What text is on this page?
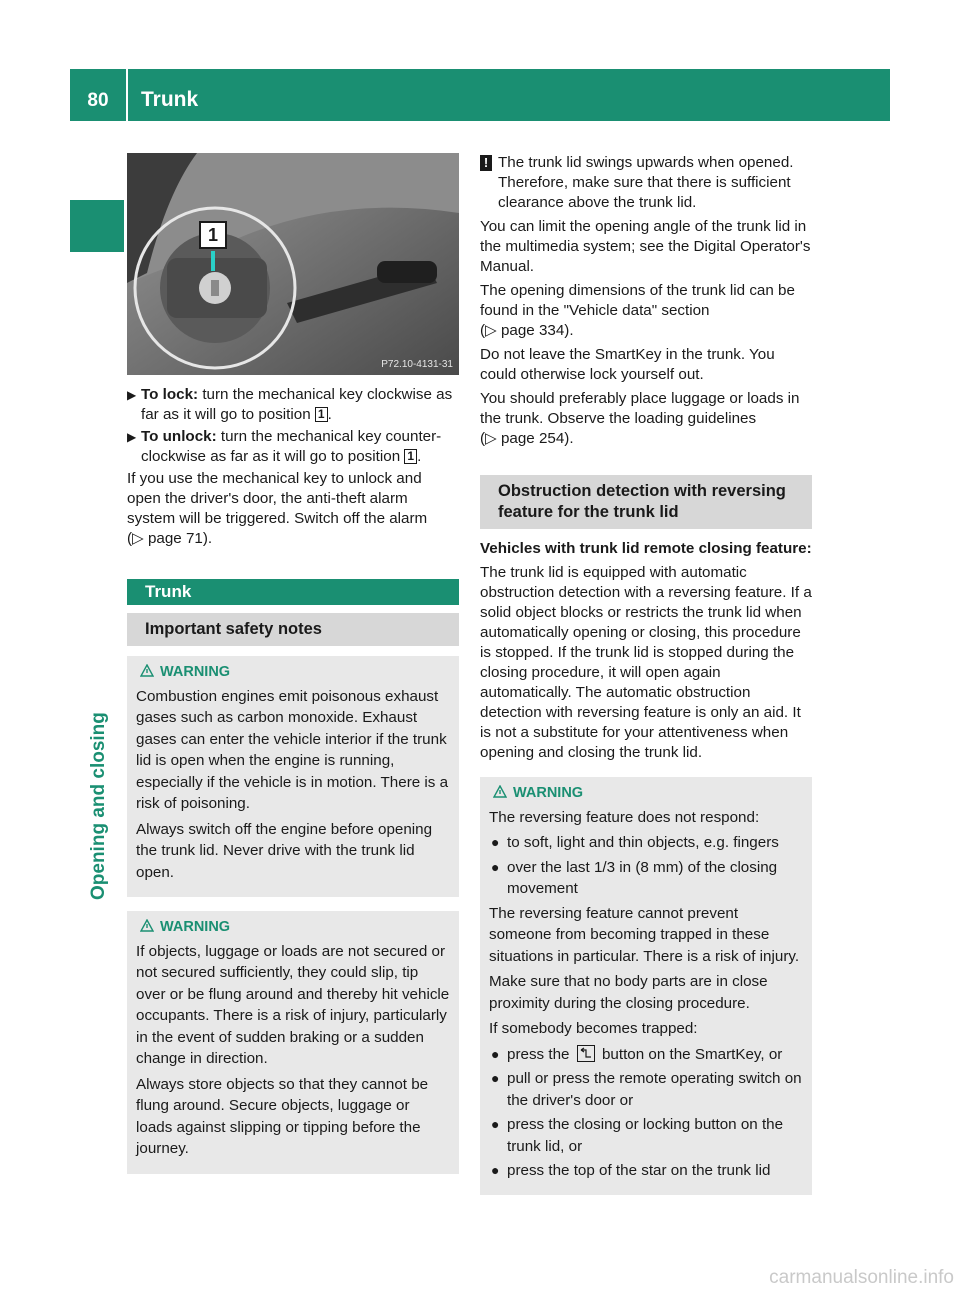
80	Trunk
Opening and closing
1
P72.10-4131-31
▶ To lock: turn the mechanical key clockwise as far as it will go to position 1 .
▶ To unlock: turn the mechanical key counter-clockwise as far as it will go to position 1 .

If you use the mechanical key to unlock and open the driver's door, the anti-theft alarm system will be triggered. Switch off the alarm
(▷ page 71).

Trunk
Important safety notes
WARNING

Combustion engines emit poisonous exhaust gases such as carbon monoxide. Exhaust gases can enter the vehicle interior if the trunk lid is open when the engine is running, especially if the vehicle is in motion. There is a risk of poisoning.

Always switch off the engine before opening the trunk lid. Never drive with the trunk lid open.

WARNING

If objects, luggage or loads are not secured or not secured sufficiently, they could slip, tip over or be flung around and thereby hit vehicle occupants. There is a risk of injury, particularly in the event of sudden braking or a sudden change in direction.

Always store objects so that they cannot be flung around. Secure objects, luggage or loads against slipping or tipping before the journey.

! The trunk lid swings upwards when opened. Therefore, make sure that there is sufficient clearance above the trunk lid.

You can limit the opening angle of the trunk lid in the multimedia system; see the Digital Operator's Manual.

The opening dimensions of the trunk lid can be found in the "Vehicle data" section
(▷ page 334).

Do not leave the SmartKey in the trunk. You could otherwise lock yourself out.

You should preferably place luggage or loads in the trunk. Observe the loading guidelines
(▷ page 254).

Obstruction detection with reversing feature for the trunk lid

Vehicles with trunk lid remote closing feature:

The trunk lid is equipped with automatic obstruction detection with a reversing feature. If a solid object blocks or restricts the trunk lid when automatically opening or closing, this procedure is stopped. If the trunk lid is stopped during the closing procedure, it will open again automatically. The automatic obstruction detection with reversing feature is only an aid. It is not a substitute for your attentiveness when opening and closing the trunk lid.

WARNING

The reversing feature does not respond:

● to soft, light and thin objects, e.g. fingers
● over the last 1/3 in (8 mm) of the closing movement

The reversing feature cannot prevent someone from becoming trapped in these situations in particular. There is a risk of injury.

Make sure that no body parts are in close proximity during the closing procedure.

If somebody becomes trapped:

● press the button on the SmartKey, or
● pull or press the remote operating switch on the driver's door or
● press the closing or locking button on the trunk lid, or
● press the top of the star on the trunk lid
carmanualsonline.info
